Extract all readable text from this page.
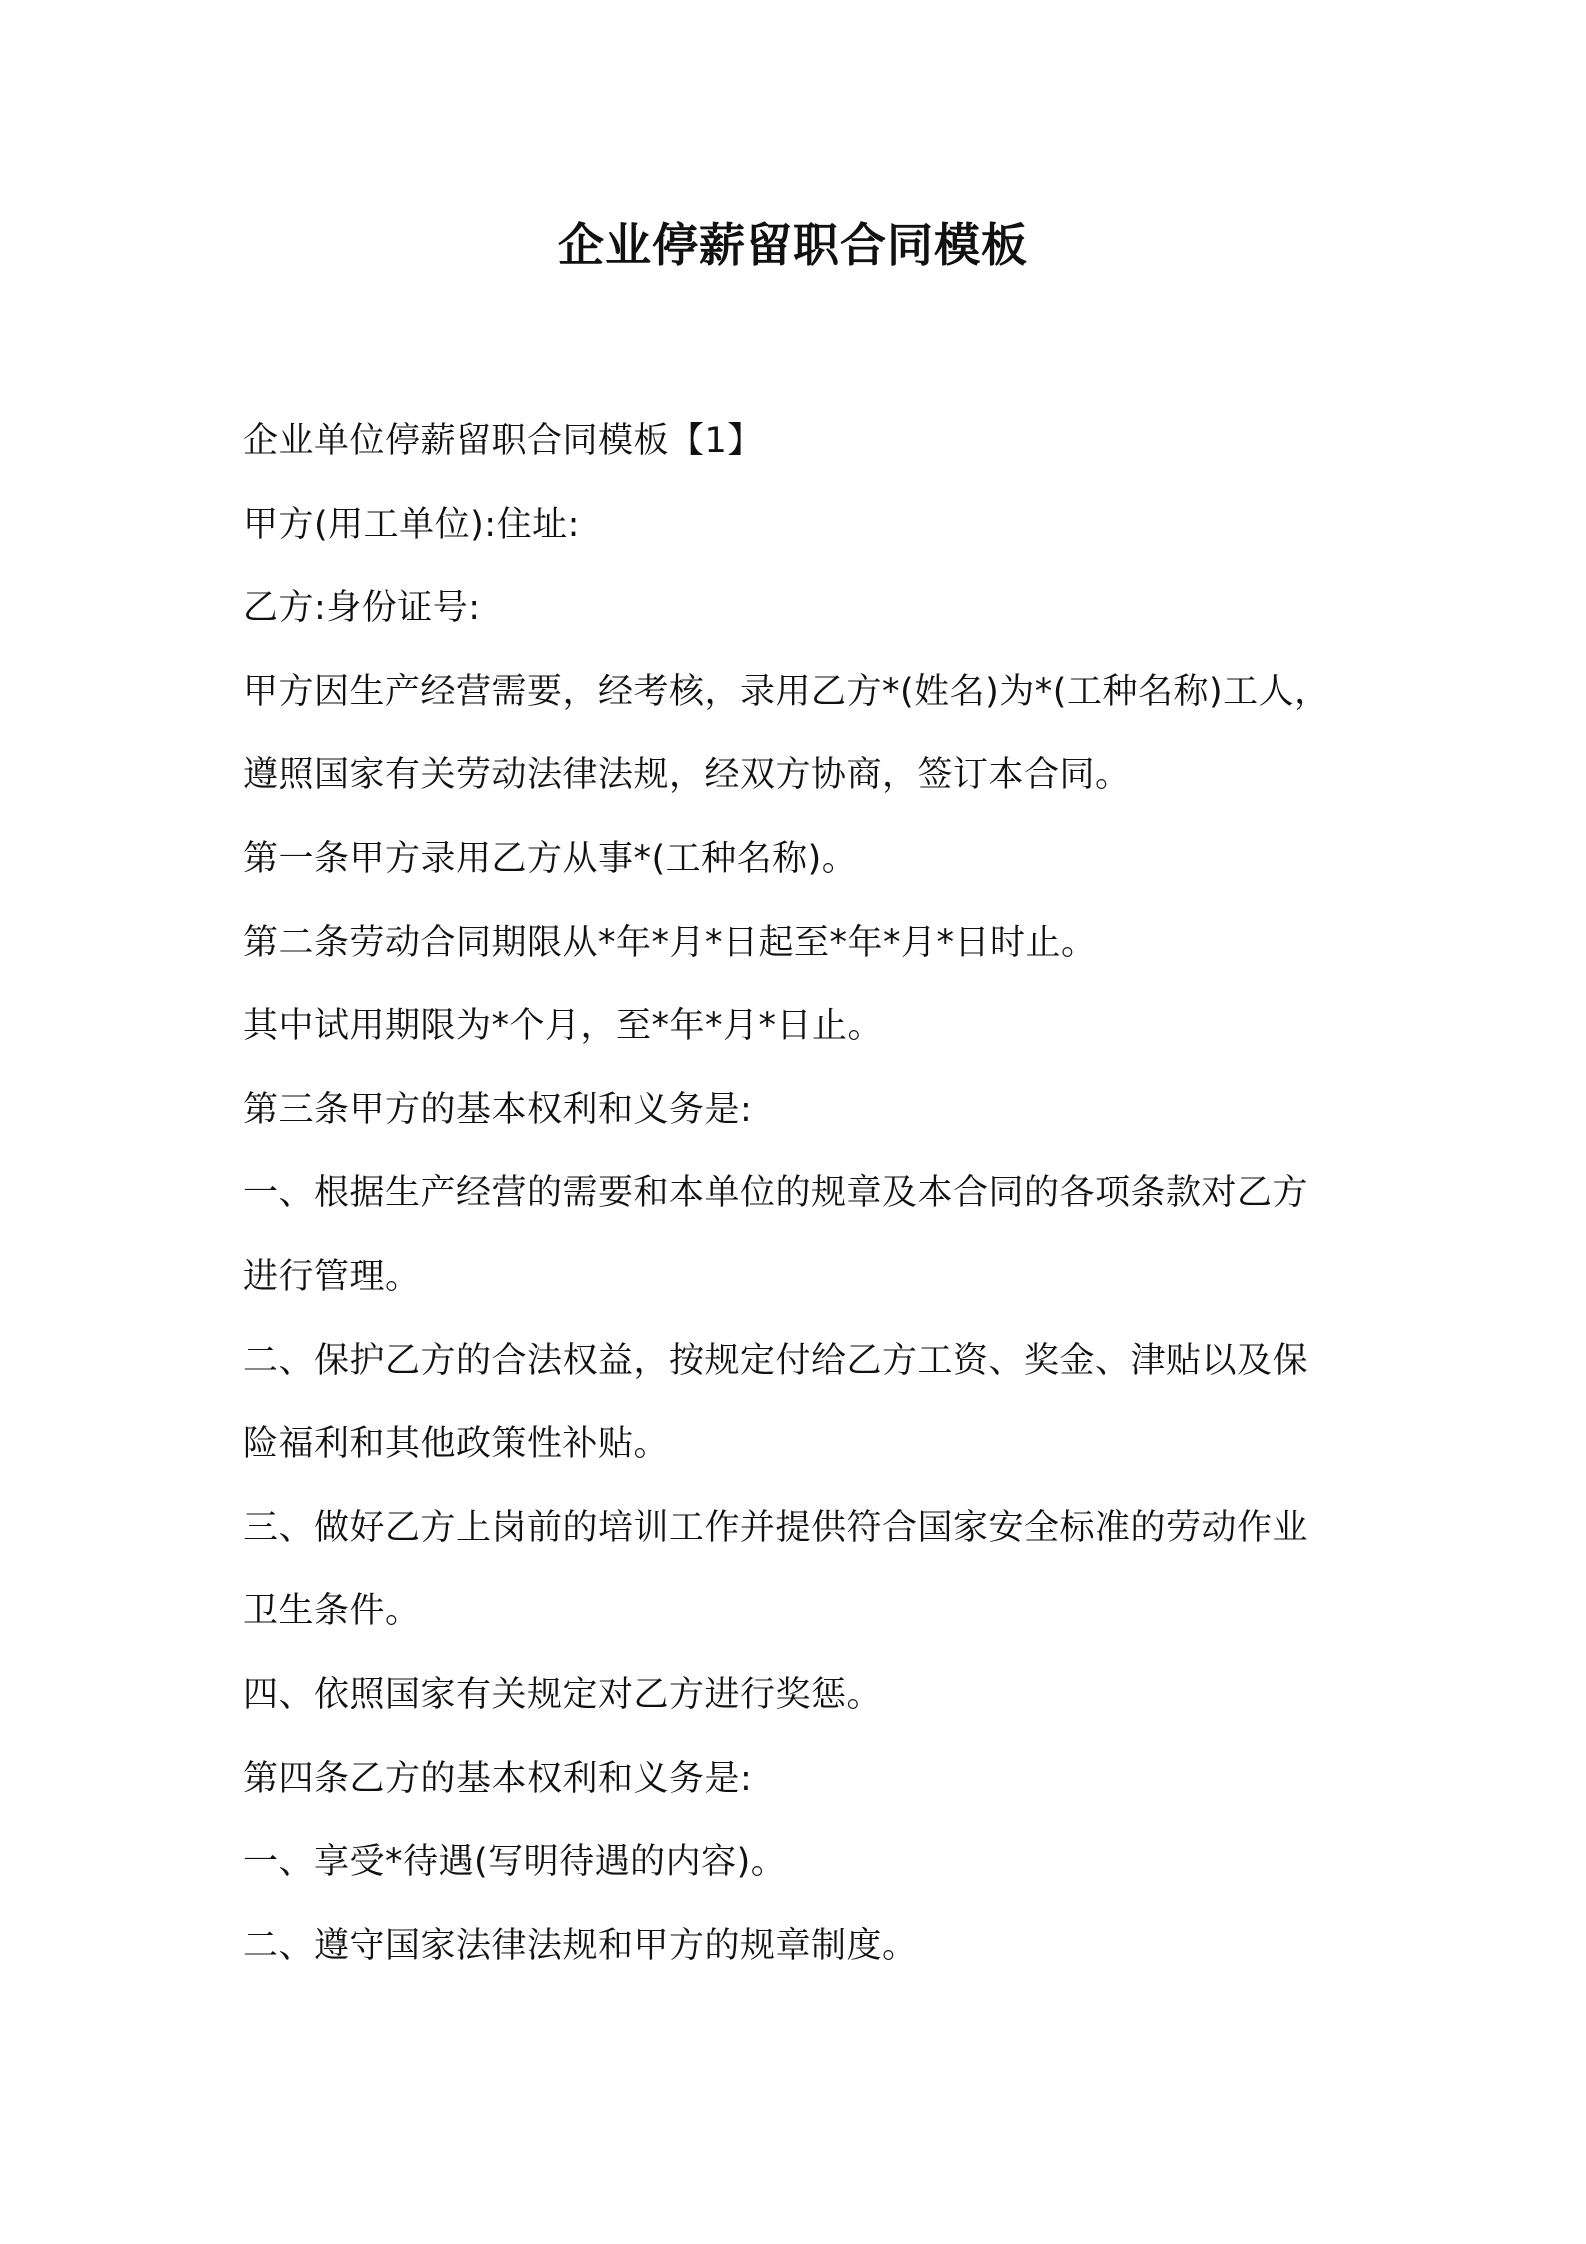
企业停薪留职合同模板
企业单位停薪留职合同模板【1】
甲方(用工单位):住址:
乙方:身份证号:
甲方因生产经营需要，经考核，录用乙方*(姓名)为*(工种名称)工人，
遵照国家有关劳动法律法规，经双方协商，签订本合同。
第一条甲方录用乙方从事*(工种名称)。
第二条劳动合同期限从*年*月*日起至*年*月*日时止。
其中试用期限为*个月，至*年*月*日止。
第三条甲方的基本权利和义务是:
一、根据生产经营的需要和本单位的规章及本合同的各项条款对乙方
进行管理。
二、保护乙方的合法权益，按规定付给乙方工资、奖金、津贴以及保
险福利和其他政策性补贴。
三、做好乙方上岗前的培训工作并提供符合国家安全标准的劳动作业
卫生条件。
四、依照国家有关规定对乙方进行奖惩。
第四条乙方的基本权利和义务是:
一、享受*待遇(写明待遇的内容)。
二、遵守国家法律法规和甲方的规章制度。
